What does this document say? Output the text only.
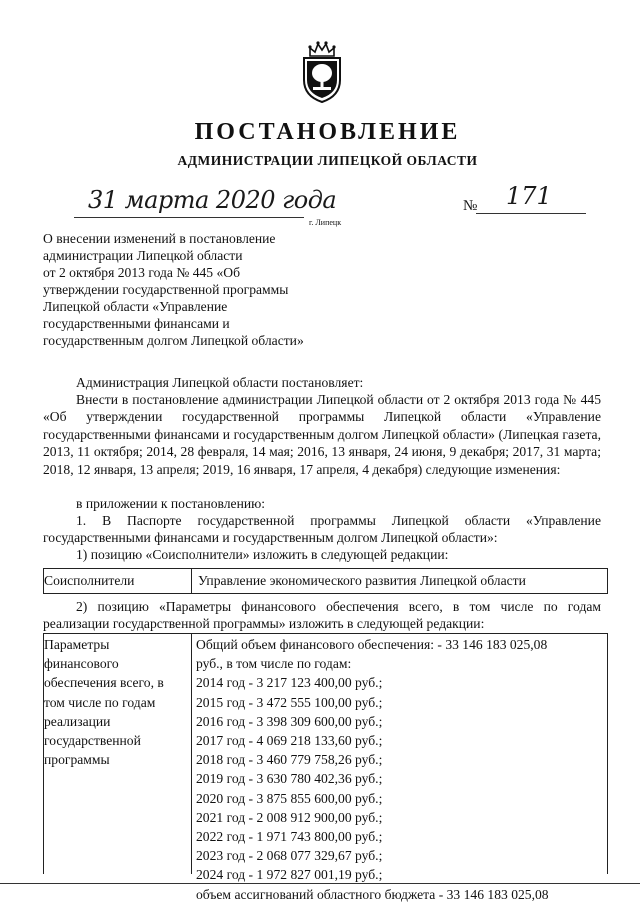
ПОСТАНОВЛЕНИЕ
АДМИНИСТРАЦИИ ЛИПЕЦКОЙ ОБЛАСТИ
31 марта 2020 года
г. Липецк
№ 171
О внесении изменений в постановление
администрации Липецкой области
от 2 октября 2013 года № 445 «Об
утверждении государственной программы
Липецкой области «Управление
государственными финансами и
государственным долгом Липецкой области»
Администрация Липецкой области постановляет:
Внести в постановление администрации Липецкой области от 2 октября 2013 года № 445 «Об утверждении государственной программы Липецкой области «Управление государственными финансами и государственным долгом Липецкой области» (Липецкая газета, 2013, 11 октября; 2014, 28 февраля, 14 мая; 2016, 13 января, 24 июня, 9 декабря; 2017, 31 марта; 2018, 12 января, 13 апреля; 2019, 16 января, 17 апреля, 4 декабря) следующие изменения:
в приложении к постановлению:
1. В Паспорте государственной программы Липецкой области «Управление государственными финансами и государственным долгом Липецкой области»:
1) позицию «Соисполнители» изложить в следующей редакции:
Соисполнители	Управление экономического развития Липецкой области
2) позицию «Параметры финансового обеспечения всего, в том числе по годам реализации государственной программы» изложить в следующей редакции:
Параметры
финансового
обеспечения всего, в
том числе по годам
реализации
государственной
программы
Общий объем финансового обеспечения: - 33 146 183 025,08
руб., в том числе по годам:
2014 год - 3 217 123 400,00 руб.;
2015 год - 3 472 555 100,00 руб.;
2016 год - 3 398 309 600,00 руб.;
2017 год - 4 069 218 133,60 руб.;
2018 год - 3 460 779 758,26 руб.;
2019 год - 3 630 780 402,36 руб.;
2020 год - 3 875 855 600,00 руб.;
2021 год - 2 008 912 900,00 руб.;
2022 год - 1 971 743 800,00 руб.;
2023 год - 2 068 077 329,67 руб.;
2024 год - 1 972 827 001,19 руб.;
объем ассигнований областного бюджета - 33 146 183 025,08
